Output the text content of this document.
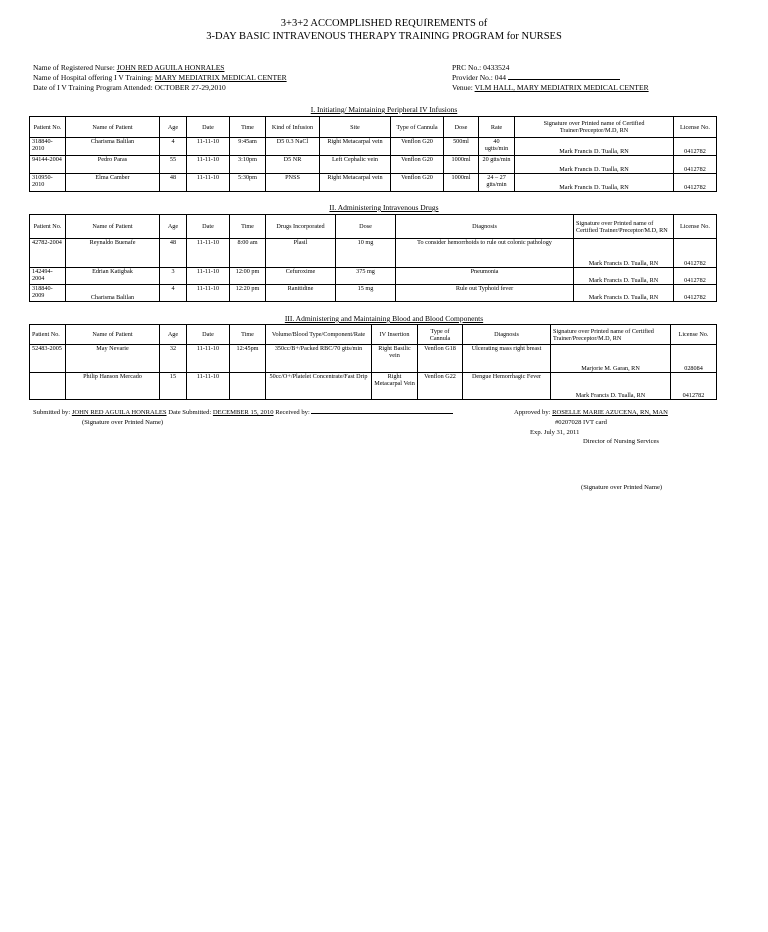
3+3+2 ACCOMPLISHED REQUIREMENTS of
3-DAY BASIC INTRAVENOUS THERAPY TRAINING PROGRAM for NURSES
Name of Registered Nurse: JOHN RED AGUILA HONRALES
Name of Hospital offering I V Training: MARY MEDIATRIX MEDICAL CENTER
Date of I V Training Program Attended: OCTOBER 27-29,2010
PRC No.: 0433524
Provider No.: 044
Venue: VLM HALL, MARY MEDIATRIX MEDICAL CENTER
I. Initiating/ Maintaining Peripheral IV Infusions
Patient No.	Name of Patient	Age	Date	Time	Kind of Infusion	Site	Type of Cannula	Dose	Rate	Signature over Printed name of Certified Trainer/Preceptor/M.D, RN	License No.
318840-2010	Charisma Balilan	4	11-11-10	9:45am	D5 0.3 NaCl	Right Metacarpal vein	Venflon G20	500ml	40 ugtts/min	Mark Francis D. Tualla, RN	0412782
94144-2004	Pedro Paras	55	11-11-10	3:10pm	D5 NR	Left Cephalic vein	Venflon G20	1000ml	20 gtts/min	Mark Francis D. Tualla, RN	0412782
310950-2010	Elma Camber	48	11-11-10	5:30pm	PNSS	Right Metacarpal vein	Venflon G20	1000ml	24 – 27 gtts/min	Mark Francis D. Tualla, RN	0412782
II. Administering Intravenous Drugs
Patient No.	Name of Patient	Age	Date	Time	Drugs Incorporated	Dose	Diagnosis	Signature over Printed name of Certified Trainer/Preceptor/M.D, RN	License No.
42782-2004	Reynaldo Buenafe	48	11-11-10	8:00 am	Plasil	10 mg	To consider hemorrhoids to rule out colonic pathology	Mark Francis D. Tualla, RN	0412782
142494-2004	Edrian Katigbak	3	11-11-10	12:00 pm	Cefuroxime	375 mg	Pneumonia	Mark Francis D. Tualla, RN	0412782
318840-2009	Charisma Balilan	4	11-11-10	12:20 pm	Ranitidine	15 mg	Rule out Typhoid fever	Mark Francis D. Tualla, RN	0412782
III. Administering and Maintaining Blood and Blood Components
Patient No.	Name of Patient	Age	Date	Time	Volume/Blood Type/Component/Rate	IV Insertion	Type of Cannula	Diagnosis	Signature over Printed name of Certified Trainer/Preceptor/M.D, RN	License No.
52483-2005	May Nevarie	32	11-11-10	12:45pm	350cc/B+/Packed RBC/70 gtts/min	Right Basilic vein	Venflon G18	Ulcerating mass right breast	Marjorie M. Garan, RN	028084
	Philip Hanson Mercado	15	11-11-10		50cc/O+/Platelet Concentrate/Fast Drip	Right Metacarpal Vein	Venflon G22	Dengue Hemorrhagic Fever	Mark Francis D. Tualla, RN	0412782
Submitted by: JOHN RED AGUILA HONRALES Date Submitted: DECEMBER 15, 2010 Received by:	Approved by: ROSELLE MARIE AZUCENA, RN, MAN
(Signature over Printed Name)	#0207028 IVT card
Exp. July 31, 2011
Director of Nursing Services
(Signature over Printed Name)
